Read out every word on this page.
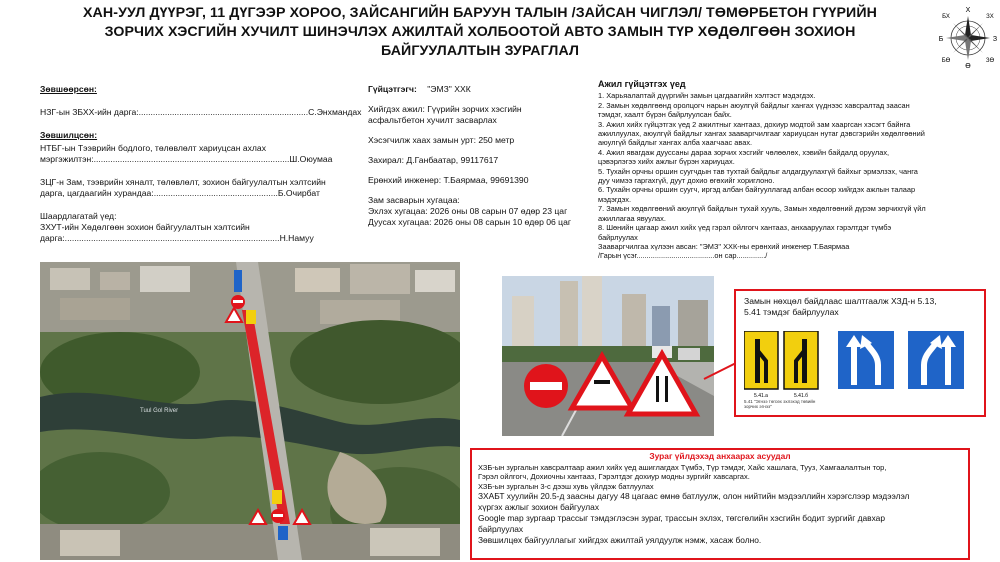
ХАН-УУЛ ДҮҮРЭГ, 11 ДҮГЭЭР ХОРОО, ЗАЙСАНГИЙН БАРУУН ТАЛЫН /ЗАЙСАН ЧИГЛЭЛ/ ТӨМӨРБЕТОН ГҮҮРИЙН
ЗОРЧИХ ХЭСГИЙН ХУЧИЛТ ШИНЭЧЛЭХ АЖИЛТАЙ ХОЛБООТОЙ АВТО ЗАМЫН ТҮР ХӨДӨЛГӨӨН ЗОХИОН
БАЙГУУЛАЛТЫН ЗУРАГЛАЛ
Х
Ө
Б	З
БХ	ЗХ
БӨ	ЗӨ

Зөвшөөрсөн:

НЗГ-ын ЗБХХ-ийн дарга:.......................................................................С.Энхмандах

Зөвшилцсөн:

НТБГ-ын Тээврийн бодлого, төлөвлөлт хариуцсан ахлах

мэргэжилтэн:..................................................................................Ш.Оюумаа

ЗЦГ-н Зам, тээврийн хяналт, төлөвлөлт, зохион байгуулалтын хэлтсийн

дарга, цагдаагийн хурандаа:....................................................Б.Очирбат

Шаардлагатай үед:

ЗХУТ-ийн Хөдөлгөөн зохион байгуулалтын хэлтсийн

дарга:..........................................................................................Н.Намуу

Гүйцэтгэгч: "ЭМЗ" ХХК

Хийгдэх ажил: Гүүрийн зорчих хэсгийн

асфальтбетон хучилт засварлах

Хэсэгчилж хаах замын урт: 250 метр

Захирал: Д.Ганбаатар, 99117617

Ерөнхий инженер: Т.Баярмаа, 99691390

Зам засварын хугацаа:

Эхлэх хугацаа: 2026 оны 08 сарын 07 өдөр 23 цаг

Дуусах хугацаа: 2026 оны 08 сарын 10 өдөр 06 цаг

Ажил гүйцэтгэх үед

1. Харьяалаптай дүүргийн замын цагдаагийн хэлтэст мэдэгдэх.

2. Замын хөдөлгөөнд оролцогч нарын аюулгүй байдлыг хангах үүднээс хавсралтад заасан

тэмдэг, хаалт бүрэн байрлуулсан байх.

3. Ажил хийх гүйцэтгэх үед 2 ажилтныг хантааз, дохиур модтой зам хааргсан хэсэгт байнга

ажиллуулах, аюулгүй байдлыг хангах зааваргчилгааг хариуцсан нутаг дэвсгэрийн хөдөлгөөний

аюулгүй байдлыг хангах алба хаагчаас авах.

4. Ажил явагдаж дууссаны дараа зорчих хэсгийг чөлөөлөх, хэвийн байдалд оруулах,

цэвэрлэгээ хийх ажлыг бүрэн хариуцах.

5. Тухайн орчны оршин суугчдын тав тухтай байдлыг алдагдуулахгүй байхыг эрмэлзэх, чанга

дуу чимээ гаргахгүй, дуут дохио өгөхийг хориглоно.

6. Тухайн орчны оршин суугч, иргэд албан байгууллагад албан өсоор хийгдэх ажлын талаар

мэдэгдэх.

7. Замын хөдөлгөөний аюулгүй байдлын тухай хууль, Замын хөдөлгөөний дүрэм зөрчихгүй үйл

ажиллагаа явуулах.

8. Шөнийн цагаар ажил хийх үед гэрэл ойлгогч хантааз, анхааруулах гэрэлтдэг түмбэ

байрлуулах

Зааваргчилгаа хүлээн авсан: "ЭМЗ" ХХК-ны ерөнхий инженер Т.Баярмаа

/Гарын үсэг......................................он сар............../

Tuul Gol River

Замын нөхцөл байдлаас шалтгаалж ХЗД-н 5.13,

5.41 тэмдэг байрлуулах

5.41.а	5.41.б
5.41 "Эгнээ төгсөх эхлэхэд төвийн зорчих эгнээ"

Зураг үйлдэхэд анхаарах асуудал

ХЗБ-ын зургалын хавсралтаар ажил хийх үед ашиглагдах Түмбэ, Түр тэмдэг, Хайс хашлага, Тууз, Хамгаалалтын тор,

Гэрэл ойлгогч, Дохиочны хантааз, Гэрэлтдэг дохиур модны зургийг хавсаргах.

ХЗБ-ын зургалын 3-с дээш хувь үйлдэж батлуулах

ЗХАБТ хуулийн 20.5-д заасны дагуу 48 цагаас өмнө батлуулж, олон нийтийн мэдээллийн хэрэгслээр мэдээлэл

хүргэх ажлыг зохион байгуулах

Google map зургаар трассыг тэмдэглэсэн зураг, трассын эхлэх, төгсгөлийн хэсгийн бодит зургийг давхар

байрлуулах

Зөвшилцөх байгууллагыг хийгдэх ажилтай уялдуулж нэмж, хасаж болно.
